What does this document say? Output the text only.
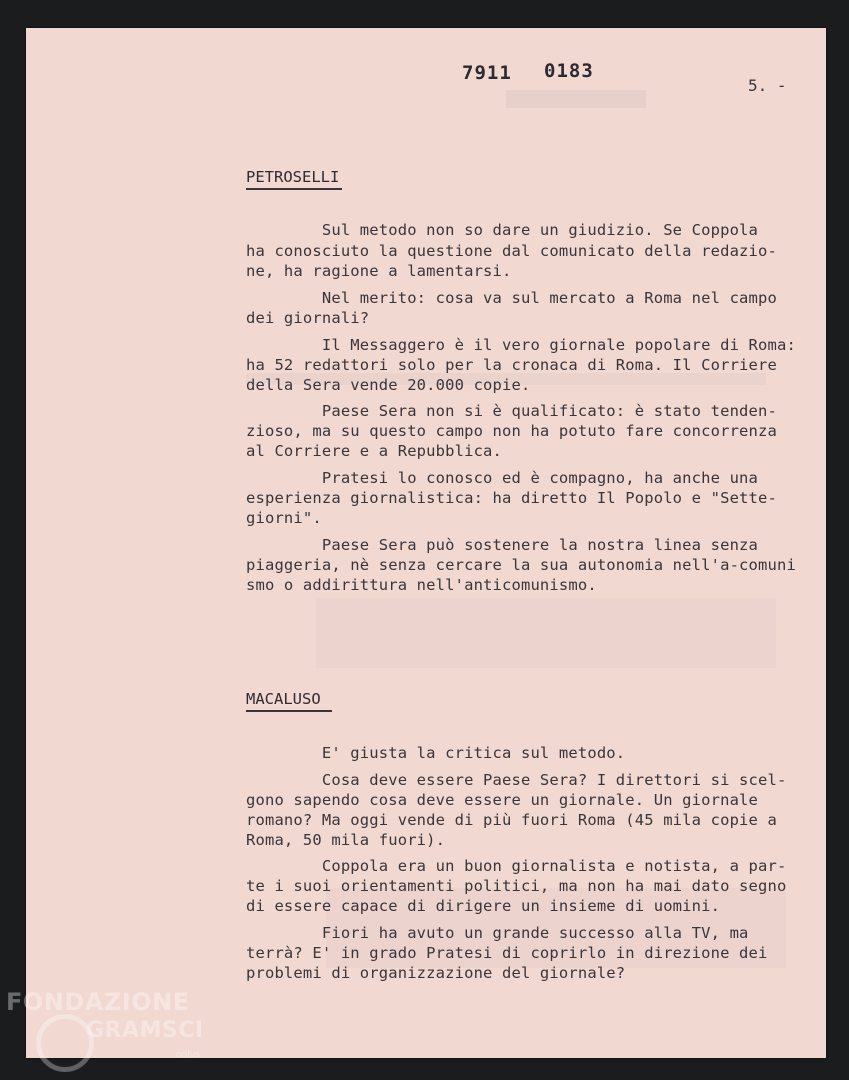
7911 0183
5. -
PETROSELLI
Sul metodo non so dare un giudizio. Se Coppola
ha conosciuto la questione dal comunicato della redazio-
ne, ha ragione a lamentarsi.
Nel merito: cosa va sul mercato a Roma nel campo
dei giornali?
Il Messaggero è il vero giornale popolare di Roma:
ha 52 redattori solo per la cronaca di Roma. Il Corriere
della Sera vende 20.000 copie.
Paese Sera non si è qualificato: è stato tenden-
zioso, ma su questo campo non ha potuto fare concorrenza
al Corriere e a Repubblica.
Pratesi lo conosco ed è compagno, ha anche una
esperienza giornalistica: ha diretto Il Popolo e "Sette-
giorni".
Paese Sera può sostenere la nostra linea senza
piaggeria, nè senza cercare la sua autonomia nell'a-comuni
smo o addirittura nell'anticomunismo.
MACALUSO
E' giusta la critica sul metodo.
Cosa deve essere Paese Sera? I direttori si scel-
gono sapendo cosa deve essere un giornale. Un giornale
romano? Ma oggi vende di più fuori Roma (45 mila copie a
Roma, 50 mila fuori).
Coppola era un buon giornalista e notista, a par-
te i suoi orientamenti politici, ma non ha mai dato segno
di essere capace di dirigere un insieme di uomini.
Fiori ha avuto un grande successo alla TV, ma
terrà? E' in grado Pratesi di coprirlo in direzione dei
problemi di organizzazione del giornale?
FONDAZIONE
GRAMSCI
onlus
